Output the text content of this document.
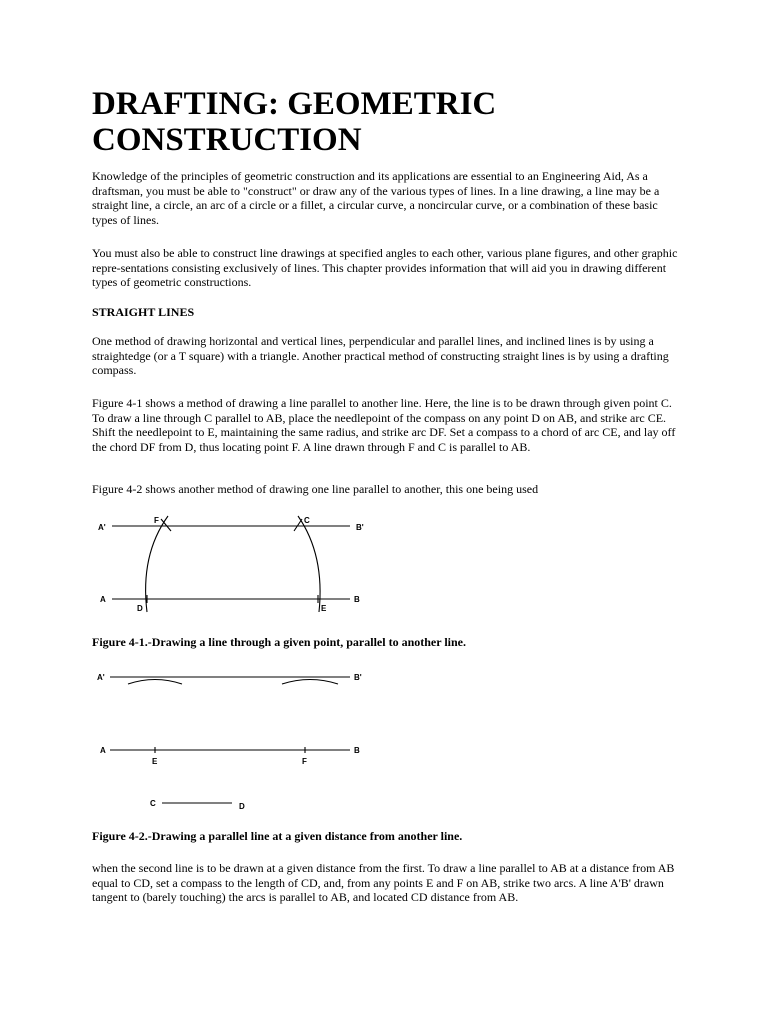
DRAFTING: GEOMETRIC
CONSTRUCTION

Knowledge of the principles of geometric construction and its applications are essential to an Engineering Aid, As a draftsman, you must be able to "construct" or draw any of the various types of lines. In a line drawing, a line may be a straight line, a circle, an arc of a circle or a fillet, a circular curve, a noncircular curve, or a combination of these basic types of lines.

You must also be able to construct line drawings at specified angles to each other, various plane figures, and other graphic repre-sentations consisting exclusively of lines. This chapter provides information that will aid you in drawing different types of geometric constructions.

STRAIGHT LINES

One method of drawing horizontal and vertical lines, perpendicular and parallel lines, and inclined lines is by using a straightedge (or a T square) with a triangle. Another practical method of constructing straight lines is by using a drafting compass.

Figure 4-1 shows a method of drawing a line parallel to another line. Here, the line is to be drawn through given point C. To draw a line through C parallel to AB, place the needlepoint of the compass on any point D on AB, and strike arc CE. Shift the needlepoint to E, maintaining the same radius, and strike arc DF. Set a compass to a chord of arc CE, and lay off the chord DF from D, thus locating point F. A line drawn through F and C is parallel to AB.

Figure 4-2 shows another method of drawing one line parallel to another, this one being used

A'	B'
F	C
A	B
D	E

Figure 4-1.-Drawing a line through a given point, parallel to another line.

A'	B'
A	B
E	F
C	D

Figure 4-2.-Drawing a parallel line at a given distance from another line.

when the second line is to be drawn at a given distance from the first. To draw a line parallel to AB at a distance from AB equal to CD, set a compass to the length of CD, and, from any points E and F on AB, strike two arcs. A line A'B' drawn tangent to (barely touching) the arcs is parallel to AB, and located CD distance from AB.
